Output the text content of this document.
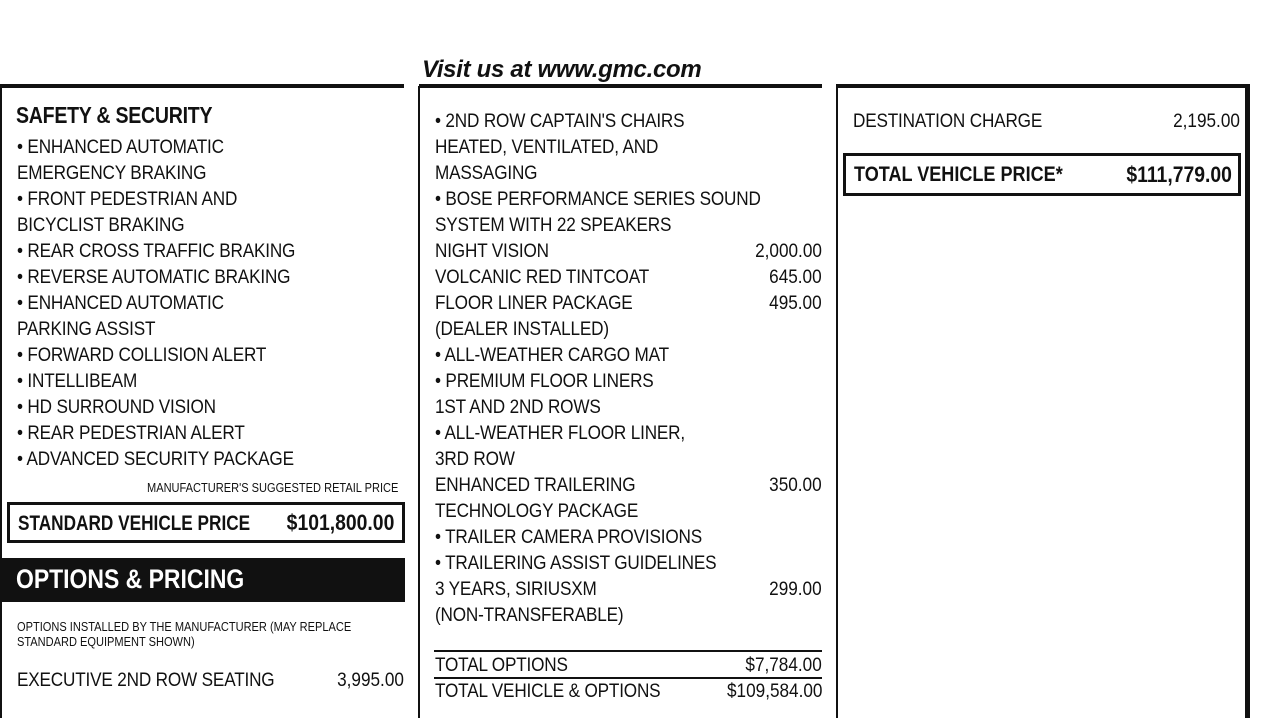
Visit us at www.gmc.com
SAFETY & SECURITY
• ENHANCED AUTOMATIC
EMERGENCY BRAKING
• FRONT PEDESTRIAN AND
BICYCLIST BRAKING
• REAR CROSS TRAFFIC BRAKING
• REVERSE AUTOMATIC BRAKING
• ENHANCED AUTOMATIC
PARKING ASSIST
• FORWARD COLLISION ALERT
• INTELLIBEAM
• HD SURROUND VISION
• REAR PEDESTRIAN ALERT
• ADVANCED SECURITY PACKAGE
MANUFACTURER'S SUGGESTED RETAIL PRICE
STANDARD VEHICLE PRICE $101,800.00
OPTIONS & PRICING
OPTIONS INSTALLED BY THE MANUFACTURER (MAY REPLACE
STANDARD EQUIPMENT SHOWN)
EXECUTIVE 2ND ROW SEATING	3,995.00
• 2ND ROW CAPTAIN'S CHAIRS
HEATED, VENTILATED, AND
MASSAGING
• BOSE PERFORMANCE SERIES SOUND
SYSTEM WITH 22 SPEAKERS
NIGHT VISION	2,000.00
VOLCANIC RED TINTCOAT	645.00
FLOOR LINER PACKAGE	495.00
(DEALER INSTALLED)
• ALL-WEATHER CARGO MAT
• PREMIUM FLOOR LINERS
1ST AND 2ND ROWS
• ALL-WEATHER FLOOR LINER,
3RD ROW
ENHANCED TRAILERING	350.00
TECHNOLOGY PACKAGE
• TRAILER CAMERA PROVISIONS
• TRAILERING ASSIST GUIDELINES
3 YEARS, SIRIUSXM	299.00
(NON-TRANSFERABLE)
TOTAL OPTIONS	$7,784.00
TOTAL VEHICLE & OPTIONS	$109,584.00
DESTINATION CHARGE	2,195.00
TOTAL VEHICLE PRICE*	$111,779.00
